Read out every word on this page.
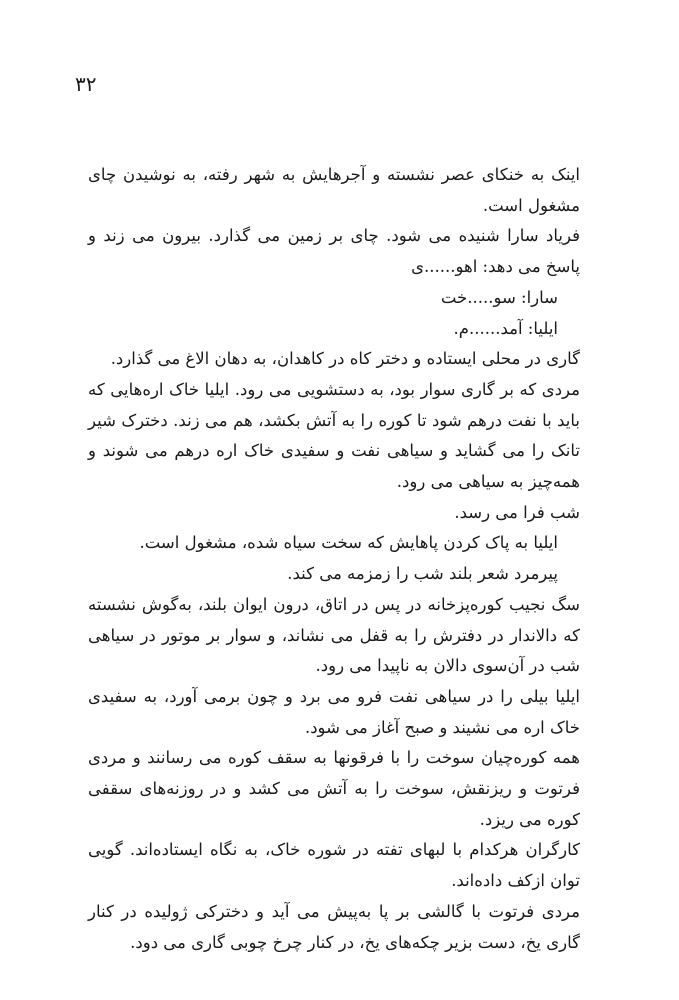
۳۲

اینک به خنکای عصر نشسته و آجرهایش به شهر رفته، به نوشیدن چای مشغول است.

فریاد سارا شنیده می شود. چای بر زمین می گذارد. بیرون می زند و پاسخ می دهد: اهو......ی

سارا: سو.....خت

ایلیا: آمد......م.

گاری در محلی ایستاده و دختر کاه در کاهدان، به دهان الاغ می گذارد.

مردی که بر گاری سوار بود، به دستشویی می رود. ایلیا خاک اره‌هایی که باید با نفت درهم شود تا کوره را به آتش بکشد، هم می زند. دخترک شیر تانک را می گشاید و سیاهی نفت و سفیدی خاک اره درهم می شوند و همه‌چیز به سیاهی می رود.

شب فرا می رسد.

ایلیا به پاک کردن پاهایش که سخت سیاه شده، مشغول است.

پیرمرد شعر بلند شب را زمزمه می کند.

سگ نجیب کوره‌پزخانه در پس در اتاق، درون ایوان بلند، به‌گوش نشسته که دالاندار در دفترش را به قفل می نشاند، و سوار بر موتور در سیاهی شب در آن‌سوی دالان به ناپیدا می رود.

ایلیا بیلی را در سیاهی نفت فرو می برد و چون برمی آورد، به سفیدی خاک اره می نشیند و صبح آغاز می شود.

همه کوره‌چیان سوخت را با فرقونها به سقف کوره می رسانند و مردی فرتوت و ریزنقش، سوخت را به آتش می کشد و در روزنه‌های سقفی کوره می ریزد.

کارگران هرکدام با لبهای تفته در شوره خاک، به نگاه ایستاده‌اند. گویی توان ازکف داده‌اند.

مردی فرتوت با گالشی بر پا به‌پیش می آید و دخترکی ژولیده در کنار گاری یخ، دست بزیر چکه‌های یخ، در کنار چرخ چوبی گاری می دود.
